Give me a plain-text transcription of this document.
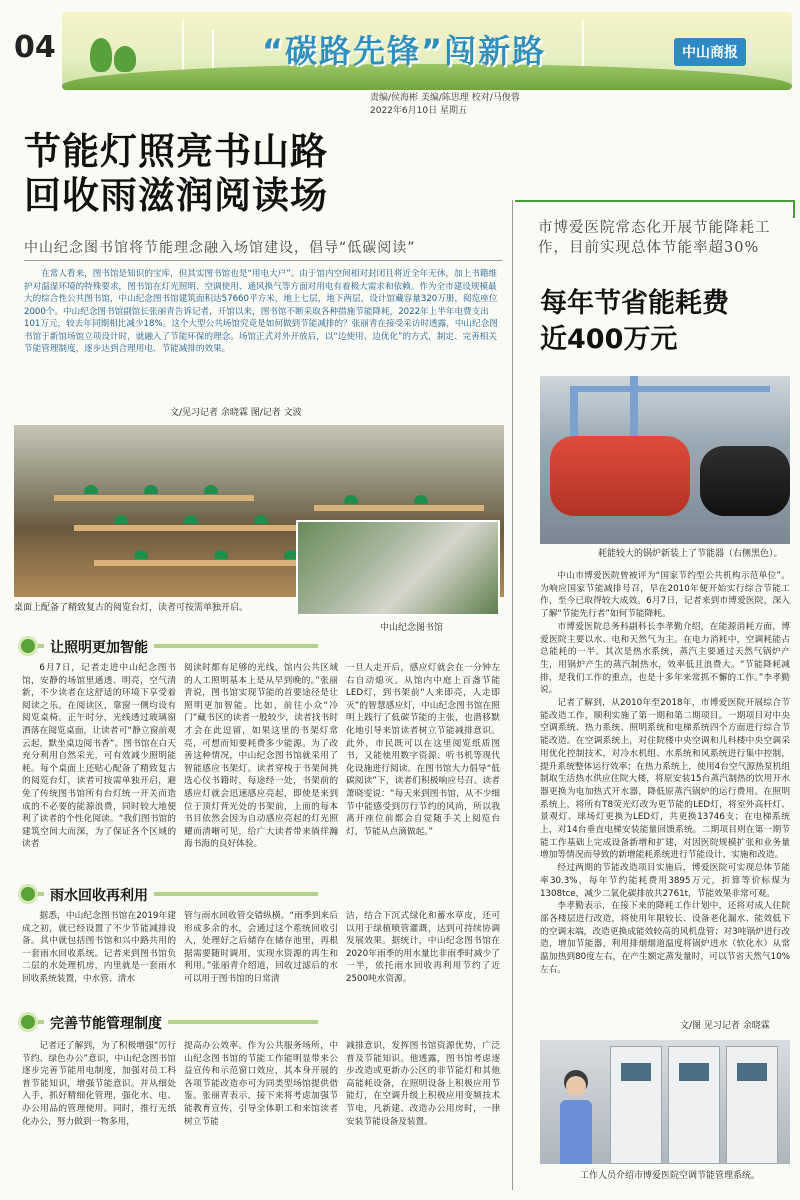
04	“碳路先锋”闯新路	中山商报
责编/侯海彬 美编/陈思理 校对/马俊蓉
2022年6月10日 星期五
节能灯照亮书山路
回收雨滋润阅读场
中山纪念图书馆将节能理念融入场馆建设，倡导“低碳阅读”
在常人看来，图书馆是知识的宝库，但其实图书馆也是“用电大户”。由于馆内空间相对封闭且将近全年无休，加上书籍维护对温湿环境的特殊要求，图书馆在灯光照明、空调使用、通风换气等方面对用电有着极大需求和依赖。作为全市建设规模最大的综合性公共图书馆，中山纪念图书馆建筑面积达57660平方米，地上七层，地下两层，设计馆藏容量320万册，阅览座位2000个。中山纪念图书馆副馆长张丽青告诉记者，开馆以来，图书馆不断采取各种措施节能降耗，2022年上半年电费支出101万元，较去年同期相比减少18%。这个大型公共场馆究竟是如何做到节能减排的？张丽青在接受采访时透露，中山纪念图书馆于新馆场馆立项设计时，就融入了节能环保的理念。场馆正式对外开放后，以“边使用、边优化”的方式，制定、完善相关节能管理制度，逐步达到合理用电、节能减排的效果。
文/见习记者 余晓霖 图/记者 文波
桌面上配备了精致复古的阅览台灯，读者可按需单独开启。
中山纪念图书馆
让照明更加智能

6月7日，记者走进中山纪念图书馆，安静的场馆里通透、明亮，空气清新，不少读者在这舒适的环境下享受着阅读之乐。在阅读区，靠窗一侧均设有阅览桌椅。正午时分，光线透过玻璃窗洒落在阅览桌面，让读者可“静立窗前观云起，默坐桌边阅书香”。图书馆在白天充分利用自然采光，可有效减少照明能耗。每个桌面上还贴心配备了精致复古的阅览台灯，读者可按需单独开启，避免了传统图书馆所有台灯统一开关而造成的不必要的能源浪费，同时较大地便利了读者的个性化阅读。“我们图书馆的建筑空间大而深，为了保证各个区域的读者

阅读时都有足够的光线，馆内公共区域的人工照明基本上是从早到晚的。”张丽青说，图书馆实现节能的首要途径是让照明更加智能。比如，前往小众“冷门”藏书区的读者一般较少，读者找书时才会在此逗留，如果这里的书架灯常亮，可想而知要耗费多少能源。为了改善这种情况，中山纪念图书馆就采用了智能感应书架灯。读者穿梭于书架间挑选心仪书籍时，每途经一处，书架前的感应灯就会迅速感应亮起，即使是来到位于顶灯背光处的书架前，上面的每本书目依然会因为自动感应亮起的灯光照耀而清晰可见，给广大读者带来徜徉瀚海书海的良好体验。

一旦人走开后，感应灯就会在一分钟左右自动熄灭。从馆内中庭上百盏节能LED灯，到书架前“人来即亮，人走即灭”的智慧感应灯，中山纪念图书馆在照明上践行了低碳节能的主张，也潜移默化地引导来馆读者树立节能减排意识。此外，市民既可以在这里阅览纸质图书，又能使用数字资源、听书机等现代化设施进行阅读。在图书馆大力倡导“低碳阅读”下，读者们积极响应号召。读者萧晓雯说：“每天来到图书馆，从不少细节中能感受到厉行节约的风尚，所以我离开座位前都会自觉随手关上阅览台灯，节能从点滴做起。”

雨水回收再利用

据悉，中山纪念图书馆在2019年建成之初，就已经设置了不少节能减排设备。其中就包括图书馆和兴中路共用的一套雨水回收系统。记者来到图书馆负二层的水处理机房，内里就是一套雨水回收系统装置，中水管、清水

管与雨水回收管交错纵横。“雨季到来后形成多余的水，会通过这个系统回收引入，处理好之后储存在储存池里，再根据需要随时调用，实现水资源的再生和利用。”张丽青介绍道，回收过滤后的水可以用于图书馆的日常清

洁，结合下沉式绿化和蓄水草皮，还可以用于绿植喷管灌溉，达到可持续协调发展效果。据统计，中山纪念图书馆在2020年雨季的用水量比非雨季时减少了一半，依托雨水回收再利用节约了近2500吨水资源。

完善节能管理制度

记者还了解到，为了积极增强“厉行节约、绿色办公”意识，中山纪念图书馆逐步完善节能用电制度，加强对员工科普节能知识，增强节能意识。并从细处入手，抓好精细化管理，强化水、电、办公用品的管理使用。同时，推行无纸化办公，努力做到一物多用，

提高办公效率。作为公共服务场所，中山纪念图书馆的节能工作能明显带来公益宣传和示范窗口效应，其本身开展的各项节能改造亦可为同类型场馆提供借鉴。张丽青表示，接下来将考虑加强节能教育宣传，引导全体职工和来馆读者树立节能

减排意识，发挥图书馆资源优势，广泛普及节能知识。他透露，图书馆考虑逐步改造或更新办公区的非节能灯和其他高能耗设备，在照明设备上积极应用节能灯，在空调升级上积极应用变频技术节电，凡新建、改造办公用房时，一律安装节能设备及装置。

市博爱医院常态化开展节能降耗工作，目前实现总体节能率超30%
每年节省能耗费
近400万元
耗能较大的锅炉新装上了节能器（右侧黑色）。

中山市博爱医院曾被评为“国家节约型公共机构示范单位”。为响应国家节能减排号召，早在2010年便开始实行综合节能工作，至今已取得较大成效。6月7日，记者来到市博爱医院，深入了解“节能先行者”如何节能降耗。

市博爱医院总务科副科长李孝勤介绍，在能源消耗方面，博爱医院主要以水、电和天然气为主。在电力消耗中，空调耗能占总能耗的一半。其次是热水系统，蒸汽主要通过天然气锅炉产生，用锅炉产生的蒸汽制热水，效率低且浪费大。“节能降耗减排，是我们工作的重点，也是十多年来常抓不懈的工作。”李孝勤说。

记者了解到，从2010年至2018年，市博爱医院开展综合节能改造工作，顺利实施了第一期和第二期项目。一期项目对中央空调系统、热力系统、照明系统和电梯系统四个方面进行综合节能改造。在空调系统上，对住院楼中央空调和儿科楼中央空调采用优化控制技术，对冷水机组、水系统和风系统进行集中控制，提升系统整体运行效率；在热力系统上，使用4台空气源热泵机组制取生活热水供应住院大楼，将原安装15台蒸汽制热的饮用开水器更换为电加热式开水器，降低原蒸汽锅炉的运行费用。在照明系统上，将所有T8荧光灯改为更节能的LED灯，将室外高杆灯、景观灯、球场灯更换为LED灯，共更换13746支；在电梯系统上，对14台垂直电梯安装能量回馈系统。二期项目则在第一期节能工作基础上完成设备新增和扩建，对因医院规模扩张和业务量增加等情况而导致的新增能耗系统进行节能设计、实施和改造。

经过两期的节能改造项目实施后，博爱医院可实现总体节能率30.3%，每年节约能耗费用3895万元，折算等价标煤为1308tce，减少二氧化碳排放共2761t，节能效果非常可观。

李孝勤表示，在接下来的降耗工作计划中，还将对成人住院部各楼层进行改造，将使用年限较长、设备老化漏水、能效低下的空调末端，改造更换成能效较高的风机盘管；对3吨锅炉进行改造，增加节能器，利用排烟烟道温度将锅炉进水（软化水）从常温加热到80度左右，在产生额定蒸发量时，可以节省天然气10%左右。

文/图 见习记者 余晓霖
工作人员介绍市博爱医院空调节能管理系统。
